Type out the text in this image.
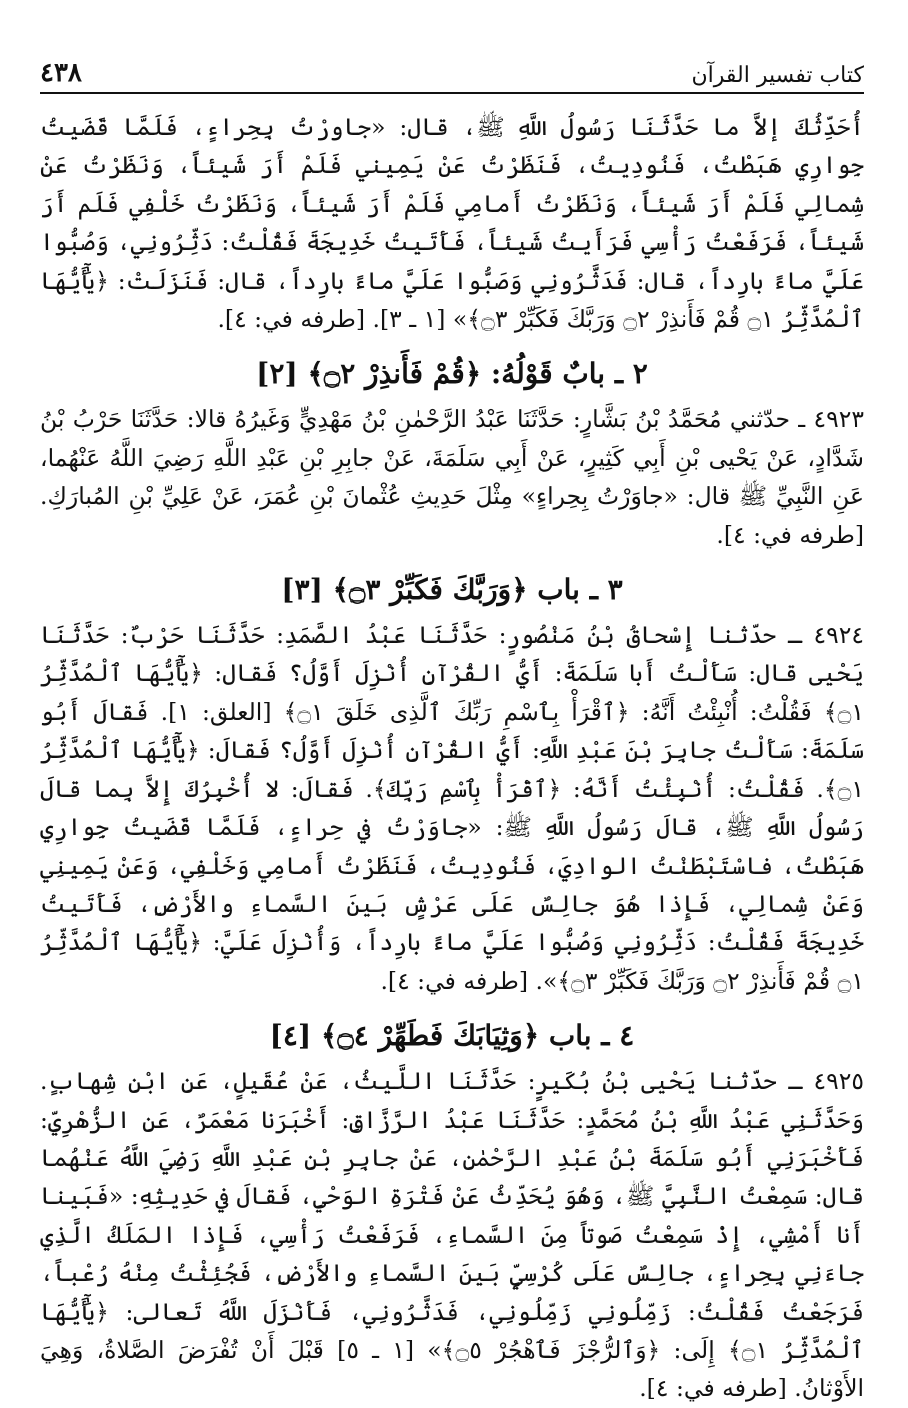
٤٣٨	كتاب تفسير القرآن

أُحَدِّثُكَ إلاَّ ما حَدَّثَنَا رَسُولُ اللَّهِ ﷺ، قال: «جاورْتُ بِحِراءٍ، فَلَمَّا قَضَيتُ جِوارِي هَبَطْتُ، فَنُودِيتُ، فَنَظَرْتُ عَنْ يَمِيني فَلَمْ أَرَ شَيئاً، وَنَظَرْتُ عَنْ شِمالِي فَلَمْ أَرَ شَيئاً، وَنَظَرْتُ أَمامِي فَلَمْ أَرَ شَيئاً، وَنَظَرْتُ خَلْفِي فَلَم أَرَ شَيئاً، فَرَفَعْتُ رَأْسِي فَرَأَيتُ شَيئاً، فَأَتَيتُ خَدِيجَةَ فَقُلْتُ: دَثِّرُونِي، وَصُبُّوا عَلَيَّ ماءً بارِداً، قال: فَدَثَّرُونِي وَصَبُّوا عَلَيَّ ماءً بارِداً، قال: فَنَزَلَتْ: ﴿يَٰٓأَيُّهَا ٱلْمُدَّثِّرُ ۝١ قُمْ فَأَنذِرْ ۝٢ وَرَبَّكَ فَكَبِّرْ ۝٣﴾» [١ ـ ٣]. [طرفه في: ٤].

٢ ـ بابٌ قَوْلُهُ: ﴿قُمْ فَأَنذِرْ ۝٢﴾ [٢]

٤٩٢٣ ـ حدّثني مُحَمَّدُ بْنُ بَشَّارٍ: حَدَّثَنَا عَبْدُ الرَّحْمٰنِ بْنُ مَهْدِيٍّ وَغَيرُهُ قالا: حَدَّثَنَا حَرْبُ بْنُ شَدَّادٍ، عَنْ يَحْيى بْنِ أَبِي كَثِيرٍ، عَنْ أَبِي سَلَمَةَ، عَنْ جابِرِ بْنِ عَبْدِ اللَّهِ رَضِيَ اللَّهُ عَنْهُما، عَنِ النَّبِيِّ ﷺ قال: «جاوَرْتُ بِحِراءٍ» مِثْلَ حَدِيثِ عُثْمانَ بْنِ عُمَرَ، عَنْ عَلِيِّ بْنِ المُبارَكِ. [طرفه في: ٤].

٣ ـ باب ﴿وَرَبَّكَ فَكَبِّرْ ۝٣﴾ [٣]

٤٩٢٤ ـ حدّثنا إِسْحاقُ بْنُ مَنْصُورٍ: حَدَّثَنَا عَبْدُ الصَّمَدِ: حَدَّثَنَا حَرْبٌ: حَدَّثَنَا يَحْيى قال: سَأَلْتُ أَبا سَلَمَةَ: أَيُّ القُرْآنِ أُنْزِلَ أَوَّلُ؟ فَقال: ﴿يَٰٓأَيُّهَا ٱلْمُدَّثِّرُ ۝١﴾ فَقُلْتُ: أُنْبِئْتُ أَنَّهُ: ﴿ٱقْرَأْ بِٱسْمِ رَبِّكَ ٱلَّذِى خَلَقَ ۝١﴾ [العلق: ١]. فَقالَ أَبُو سَلَمَةَ: سَأَلْتُ جابِرَ بْنَ عَبْدِ اللَّهِ: أَيُّ القُرْآنِ أُنْزِلَ أَوَّلُ؟ فَقالَ: ﴿يَٰٓأَيُّهَا ٱلْمُدَّثِّرُ ۝١﴾. فَقُلْتُ: أُنْبِئْتُ أَنَّهُ: ﴿ٱقْرَأْ بِٱسْمِ رَبِّكَ﴾. فَقالَ: لا أُخْبِرُكَ إِلاَّ بِما قالَ رَسُولُ اللَّهِ ﷺ، قالَ رَسُولُ اللَّهِ ﷺ: «جاوَرْتُ في حِراءٍ، فَلَمَّا قَضَيتُ جِوارِي هَبَطْتُ، فاسْتَبْطَنْتُ الوادِيَ، فَنُودِيتُ، فَنَظَرْتُ أَمامِي وَخَلْفِي، وَعَنْ يَمِينِي وَعَنْ شِمالِي، فَإِذا هُوَ جالِسٌ عَلَى عَرْشٍ بَينَ السَّماءِ والأَرْضِ، فَأَتَيتُ خَدِيجَةَ فَقُلْتُ: دَثِّرُونِي وَصُبُّوا عَلَيَّ ماءً بارِداً، وَأُنْزِلَ عَلَيَّ: ﴿يَٰٓأَيُّهَا ٱلْمُدَّثِّرُ ۝١ قُمْ فَأَنذِرْ ۝٢ وَرَبَّكَ فَكَبِّرْ ۝٣﴾». [طرفه في: ٤].

٤ ـ باب ﴿وَثِيَابَكَ فَطَهِّرْ ۝٤﴾ [٤]

٤٩٢٥ ـ حدّثنا يَحْيى بْنُ بُكَيرٍ: حَدَّثَنَا اللَّيثُ، عَنْ عُقَيلٍ، عَنِ ابْنِ شِهابٍ. وَحَدَّثَنِي عَبْدُ اللَّهِ بْنُ مُحَمَّدٍ: حَدَّثَنَا عَبْدُ الرَّزَّاقِ: أَخْبَرَنا مَعْمَرٌ، عَنِ الزُّهْرِيِّ: فَأَخْبَرَنِي أَبُو سَلَمَةَ بْنُ عَبْدِ الرَّحْمٰنِ، عَنْ جابِرِ بْنِ عَبْدِ اللَّهِ رَضِيَ اللَّهُ عَنْهُما قال: سَمِعْتُ النَّبِيَّ ﷺ، وَهُوَ يُحَدِّثُ عَنْ فَتْرَةِ الوَحْيِ، فَقالَ في حَدِيثِهِ: «فَبَينا أَنا أَمْشِي، إِذْ سَمِعْتُ صَوتاً مِنَ السَّماءِ، فَرَفَعْتُ رَأْسِي، فَإِذا المَلَكُ الَّذِي جاءَنِي بِحِراءٍ، جالِسٌ عَلَى كُرْسِيٍّ بَينَ السَّماءِ والأَرْضِ، فَجُئِثْتُ مِنْهُ رُعْباً، فَرَجَعْتُ فَقُلْتُ: زَمِّلُونِي زَمِّلُونِي، فَدَثَّرُونِي، فَأَنْزَلَ اللَّهُ تَعالى: ﴿يَٰٓأَيُّهَا ٱلْمُدَّثِّرُ ۝١﴾ إِلَى: ﴿وَٱلرُّجْزَ فَٱهْجُرْ ۝٥﴾» [١ ـ ٥] قَبْلَ أَنْ تُفْرَضَ الصَّلاةُ، وَهِيَ الأَوْثانُ. [طرفه في: ٤].
